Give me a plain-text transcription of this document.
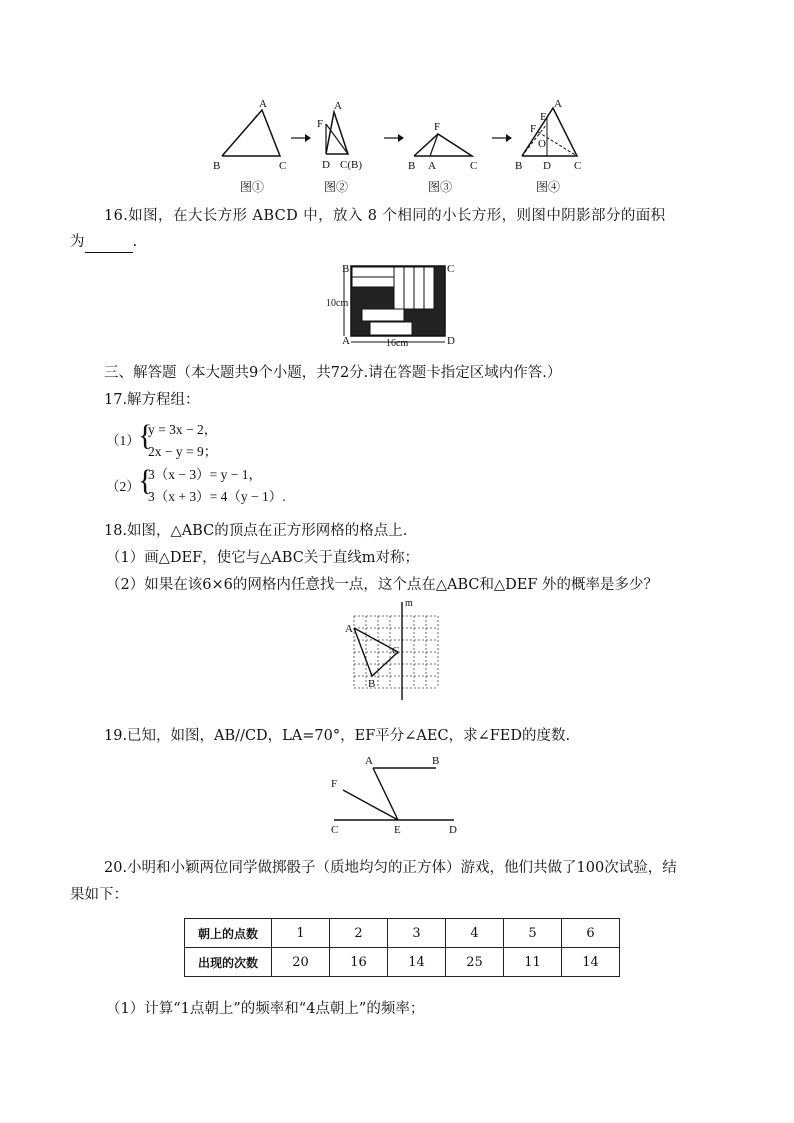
A
B	C
A
F
D C(B)
F
B A	C
A
E
F
O
B D C
图①	图②	图③	图④
16.如图，在大长方形 ABCD 中，放入 8 个相同的小长方形，则图中阴影部分的面积
为	.
B	C
A	D
10cm
16cm
三、解答题（本大题共9个小题，共72分.请在答题卡指定区域内作答.）
17.解方程组：
（1）
{
y = 3x − 2，
2x − y = 9；
（2）
{
3（x − 3）= y − 1，
3（x + 3）= 4（y − 1）.
18.如图，△ABC的顶点在正方形网格的格点上.
（1）画△DEF，使它与△ABC关于直线m对称；
（2）如果在该6×6的网格内任意找一点，这个点在△ABC和△DEF 外的概率是多少？
m
A
C
B
19.已知，如图，AB//CD，LA=70°，EF平分∠AEC，求∠FED的度数.
A	B
F
C	E	D
20.小明和小颖两位同学做掷骰子（质地均匀的正方体）游戏，他们共做了100次试验，结
果如下：
朝上的点数	1	2	3	4	5	6
出现的次数	20	16	14	25	11	14
（1）计算“1点朝上”的频率和“4点朝上”的频率；
